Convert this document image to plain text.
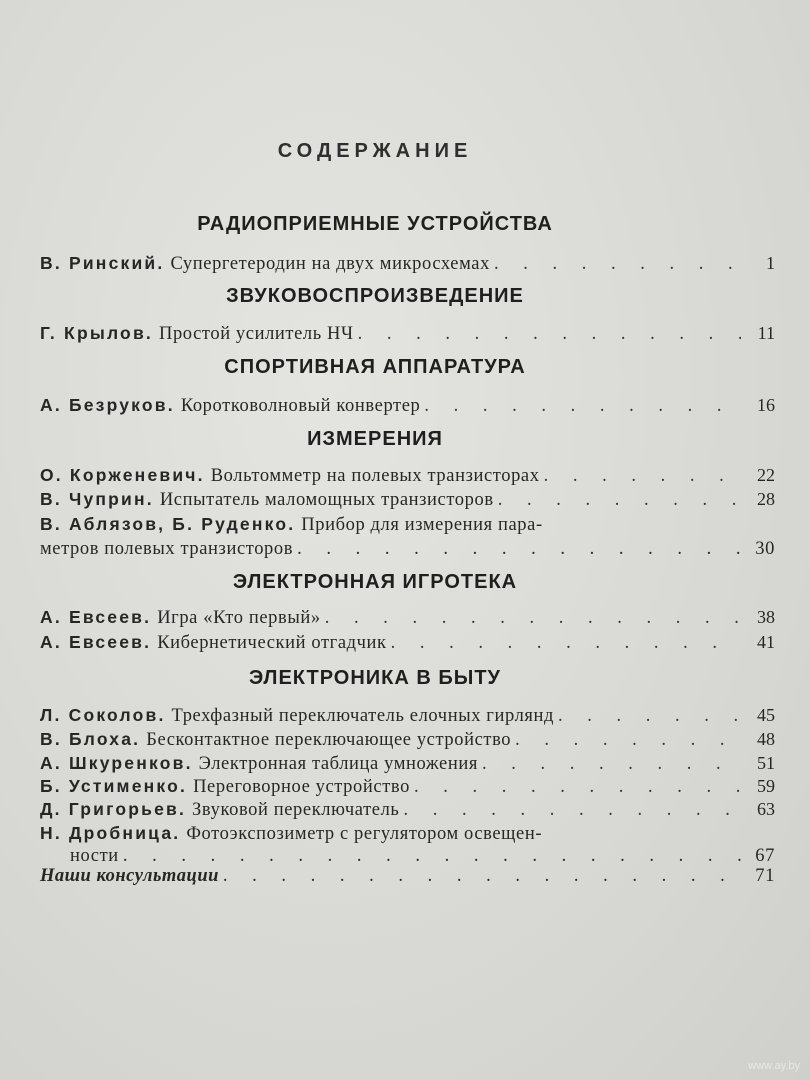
СОДЕРЖАНИЕ
РАДИОПРИЕМНЫЕ УСТРОЙСТВА
В. Ринский. Супергетеродин на двух микросхемах . . .	1
ЗВУКОВОСПРОИЗВЕДЕНИЕ
Г. Крылов. Простой усилитель НЧ . . .	11
СПОРТИВНАЯ АППАРАТУРА
А. Безруков. Коротковолновый конвертер . . .	16
ИЗМЕРЕНИЯ
О. Корженевич. Вольтомметр на полевых транзисторах . . .	22
В. Чуприн. Испытатель маломощных транзисторов . . .	28
В. Аблязов, Б. Руденко. Прибор для измерения пара-
метров полевых транзисторов . . .	30
ЭЛЕКТРОННАЯ ИГРОТЕКА
А. Евсеев. Игра «Кто первый» . . .	38
А. Евсеев. Кибернетический отгадчик . . .	41
ЭЛЕКТРОНИКА В БЫТУ
Л. Соколов. Трехфазный переключатель елочных гирлянд . . .	45
В. Блоха. Бесконтактное переключающее устройство . . .	48
А. Шкуренков. Электронная таблица умножения . . .	51
Б. Устименко. Переговорное устройство . . .	59
Д. Григорьев. Звуковой переключатель . . .	63
Н. Дробница. Фотоэкспозиметр с регулятором освещен-
ности . . .	67
Наши консультации . . .	71
www.ay.by
